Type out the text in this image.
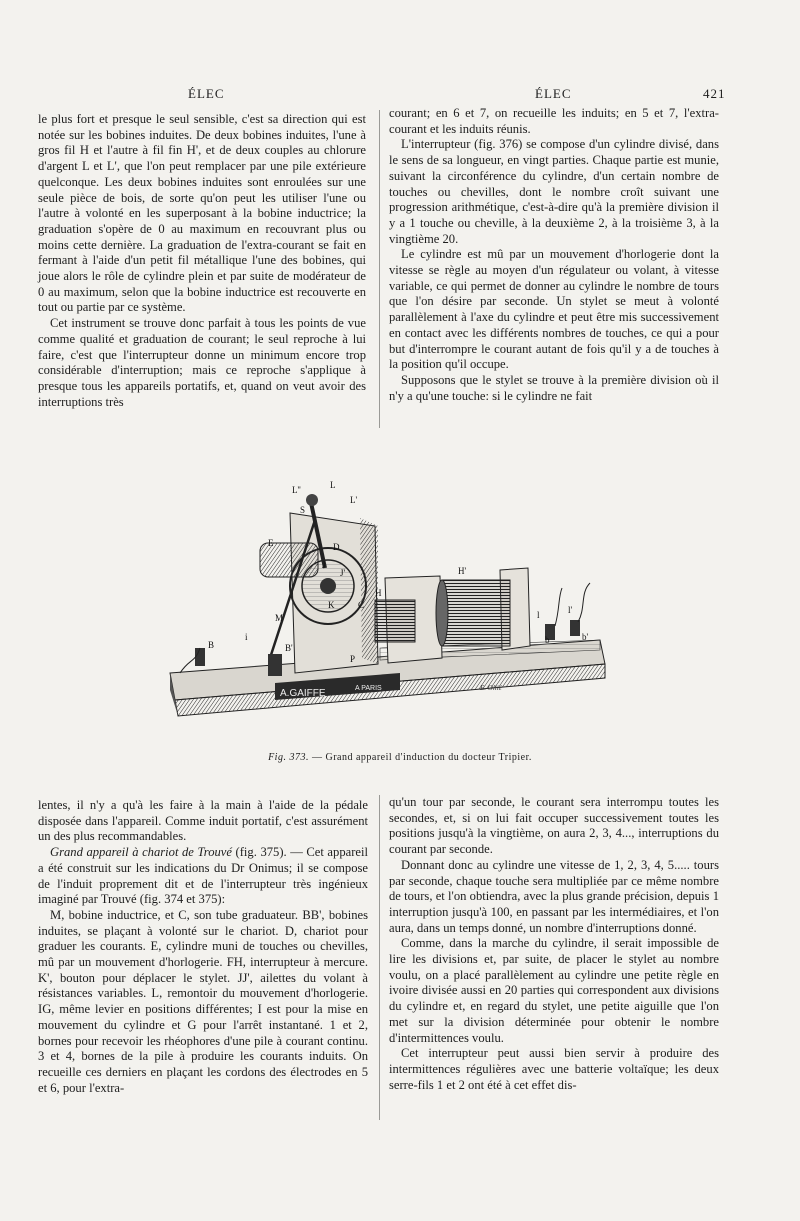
ÉLEC	ÉLEC	421

le plus fort et presque le seul sensible, c'est sa direction qui est notée sur les bobines induites. De deux bobines induites, l'une à gros fil H et l'autre à fil fin H', et de deux couples au chlorure d'argent L et L', que l'on peut remplacer par une pile extérieure quelconque. Les deux bobines induites sont enroulées sur une seule pièce de bois, de sorte qu'on peut les utiliser l'une ou l'autre à volonté en les superposant à la bobine inductrice; la graduation s'opère de 0 au maximum en recouvrant plus ou moins cette dernière. La graduation de l'extra-courant se fait en fermant à l'aide d'un petit fil métallique l'une des bobines, qui joue alors le rôle de cylindre plein et par suite de modérateur de 0 au maximum, selon que la bobine inductrice est recouverte en tout ou partie par ce système.

Cet instrument se trouve donc parfait à tous les points de vue comme qualité et graduation de courant; le seul reproche à lui faire, c'est que l'interrupteur donne un minimum encore trop considérable d'interruption; mais ce reproche s'applique à presque tous les appareils portatifs, et, quand on veut avoir des interruptions très

courant; en 6 et 7, on recueille les induits; en 5 et 7, l'extra-courant et les induits réunis.

L'interrupteur (fig. 376) se compose d'un cylindre divisé, dans le sens de sa longueur, en vingt parties. Chaque partie est munie, suivant la circonférence du cylindre, d'un certain nombre de touches ou chevilles, dont le nombre croît suivant une progression arithmétique, c'est-à-dire qu'à la première division il y a 1 touche ou cheville, à la deuxième 2, à la troisième 3, à la vingtième 20.

Le cylindre est mû par un mouvement d'horlogerie dont la vitesse se règle au moyen d'un régulateur ou volant, à vitesse variable, ce qui permet de donner au cylindre le nombre de tours que l'on désire par seconde. Un stylet se meut à volonté parallèlement à l'axe du cylindre et peut être mis successivement en contact avec les différents nombres de touches, ce qui a pour but d'interrompre le courant autant de fois qu'il y a de touches à la position qu'il occupe.

Supposons que le stylet se trouve à la première division où il n'y a qu'une touche: si le cylindre ne fait

A.GAIFFE	A PARIS	E. Ollié
L''	L
L'
S
E	D
J
J'
K	C
H
H'
M
B	B'
P
i
l	l'
b	b'
Fig. 373. — Grand appareil d'induction du docteur Tripier.

lentes, il n'y a qu'à les faire à la main à l'aide de la pédale disposée dans l'appareil. Comme induit portatif, c'est assurément un des plus recommandables.

Grand appareil à chariot de Trouvé (fig. 375). — Cet appareil a été construit sur les indications du Dr Onimus; il se compose de l'induit proprement dit et de l'interrupteur très ingénieux imaginé par Trouvé (fig. 374 et 375):

M, bobine inductrice, et C, son tube graduateur. BB', bobines induites, se plaçant à volonté sur le chariot. D, chariot pour graduer les courants. E, cylindre muni de touches ou chevilles, mû par un mouvement d'horlogerie. FH, interrupteur à mercure. K', bouton pour déplacer le stylet. JJ', ailettes du volant à résistances variables. L, remontoir du mouvement d'horlogerie. IG, même levier en positions différentes; I est pour la mise en mouvement du cylindre et G pour l'arrêt instantané. 1 et 2, bornes pour recevoir les rhéophores d'une pile à courant continu. 3 et 4, bornes de la pile à produire les courants induits. On recueille ces derniers en plaçant les cordons des électrodes en 5 et 6, pour l'extra-

qu'un tour par seconde, le courant sera interrompu toutes les secondes, et, si on lui fait occuper successivement toutes les positions jusqu'à la vingtième, on aura 2, 3, 4..., interruptions du courant par seconde.

Donnant donc au cylindre une vitesse de 1, 2, 3, 4, 5..... tours par seconde, chaque touche sera multipliée par ce même nombre de tours, et l'on obtiendra, avec la plus grande précision, depuis 1 interruption jusqu'à 100, en passant par les intermédiaires, et l'on aura, dans un temps donné, un nombre d'interruptions donné.

Comme, dans la marche du cylindre, il serait impossible de lire les divisions et, par suite, de placer le stylet au nombre voulu, on a placé parallèlement au cylindre une petite règle en ivoire divisée aussi en 20 parties qui correspondent aux divisions du cylindre et, en regard du stylet, une petite aiguille que l'on met sur la division déterminée pour obtenir le nombre d'intermittences voulu.

Cet interrupteur peut aussi bien servir à produire des intermittences régulières avec une batterie voltaïque; les deux serre-fils 1 et 2 ont été à cet effet dis-
